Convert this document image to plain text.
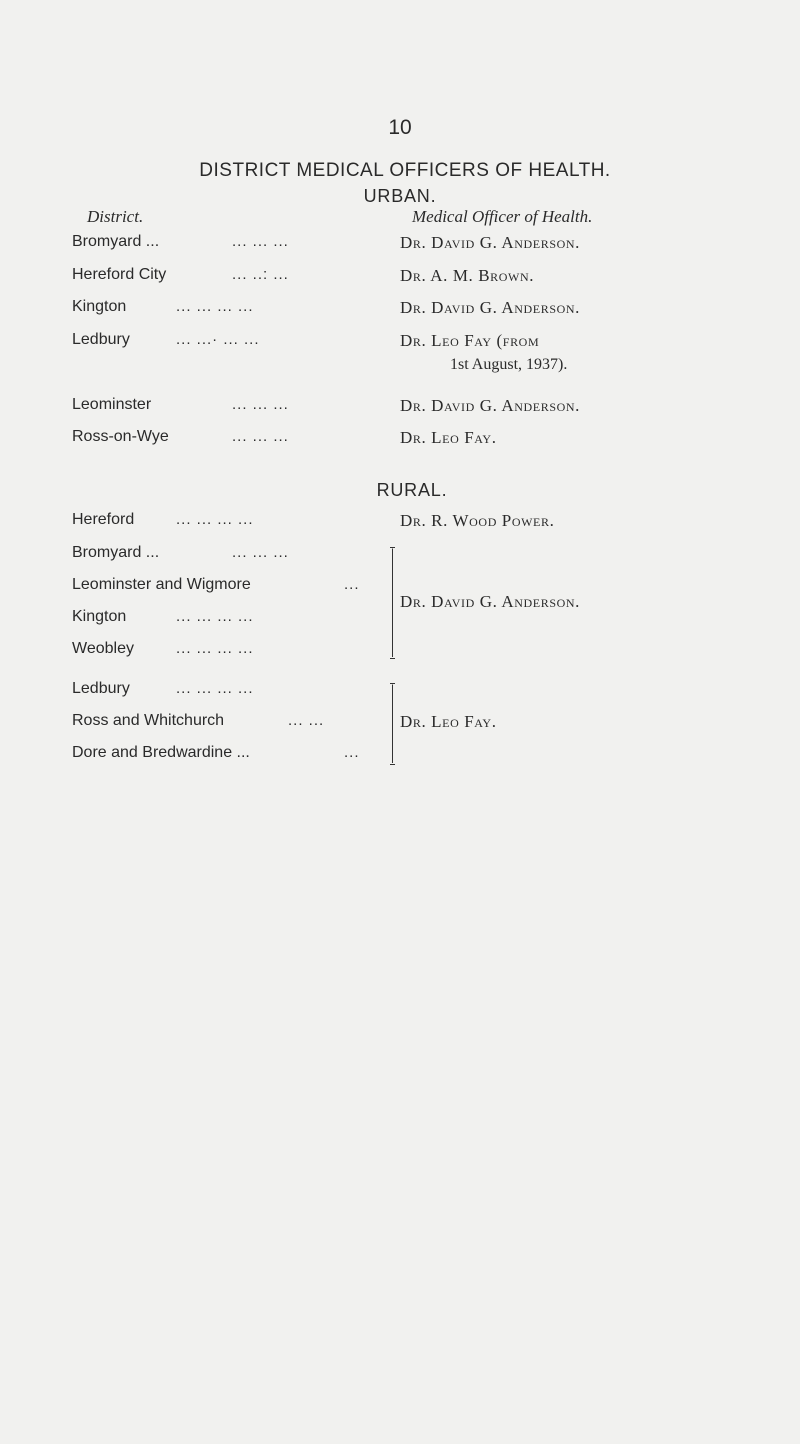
10
DISTRICT MEDICAL OFFICERS OF HEALTH.
URBAN.
District.	Medical Officer of Health.
Bromyard ...	... ... ...	Dr. David G. Anderson.
Hereford City	... ..: ...	Dr. A. M. Brown.
Kington	... ... ... ...	Dr. David G. Anderson.
Ledbury	... ...· ... ...	Dr. Leo Fay (from
1st August, 1937).
Leominster	... ... ...	Dr. David G. Anderson.
Ross-on-Wye	... ... ...	Dr. Leo Fay.
RURAL.
Hereford	... ... ... ...	Dr. R. Wood Power.
Bromyard ...	... ... ...
Leominster and Wigmore	...
Kington	... ... ... ...
Weobley	... ... ... ...
Dr. David G. Anderson.
Ledbury	... ... ... ...
Ross and Whitchurch	... ...
Dore and Bredwardine ...	...
Dr. Leo Fay.
